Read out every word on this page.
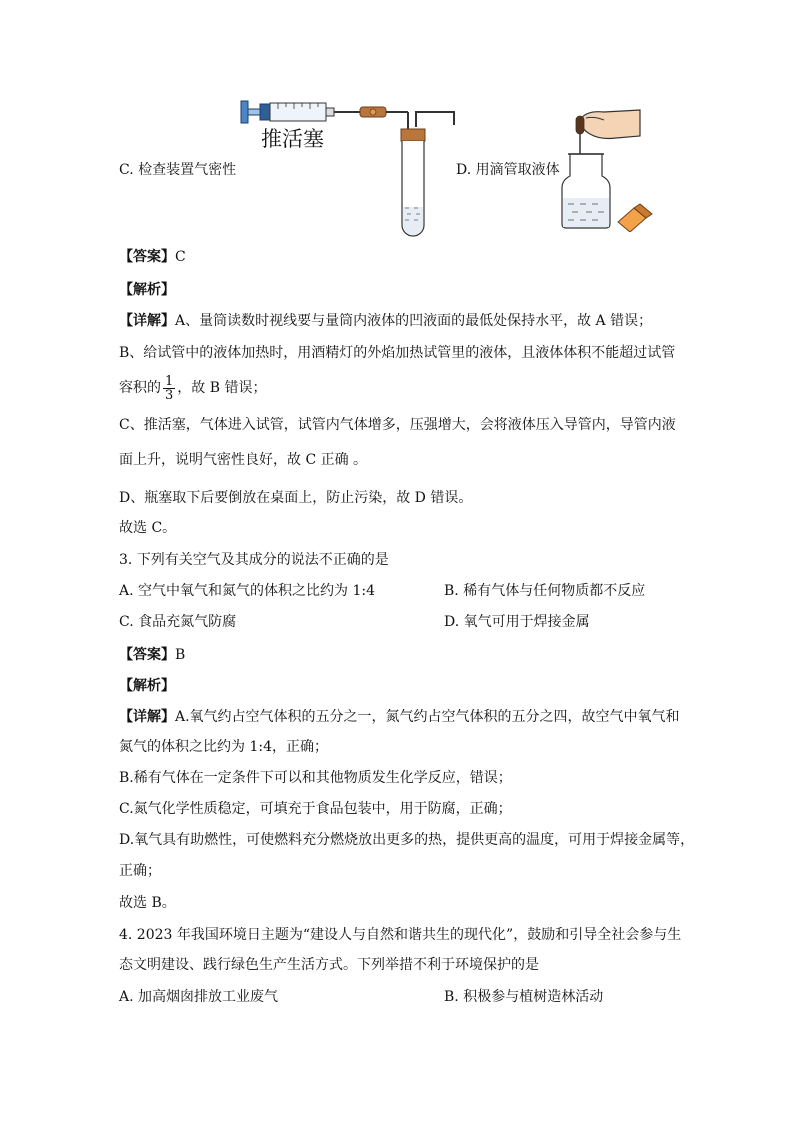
推活塞
C. 检查装置气密性	D. 用滴管取液体
【答案】C
【解析】
【详解】A、量筒读数时视线要与量筒内液体的凹液面的最低处保持水平，故 A 错误；
B、给试管中的液体加热时，用酒精灯的外焰加热试管里的液体，且液体体积不能超过试管
容积的 $\frac{1}{3}$ ，故 B 错误；
C、推活塞，气体进入试管，试管内气体增多，压强增大，会将液体压入导管内，导管内液
面上升，说明气密性良好，故 C 正确 。
D、瓶塞取下后要倒放在桌面上，防止污染，故 D 错误。
故选 C。
3. 下列有关空气及其成分的说法不正确的是
A. 空气中氧气和氮气的体积之比约为 1:4	B. 稀有气体与任何物质都不反应
C. 食品充氮气防腐	D. 氧气可用于焊接金属
【答案】B
【解析】
【详解】A.氧气约占空气体积的五分之一，氮气约占空气体积的五分之四，故空气中氧气和
氮气的体积之比约为 1:4，正确；
B.稀有气体在一定条件下可以和其他物质发生化学反应，错误；
C.氮气化学性质稳定，可填充于食品包装中，用于防腐，正确；
D.氧气具有助燃性，可使燃料充分燃烧放出更多的热，提供更高的温度，可用于焊接金属等，
正确；
故选 B。
4. 2023 年我国环境日主题为“建设人与自然和谐共生的现代化”，鼓励和引导全社会参与生
态文明建设、践行绿色生产生活方式。下列举措不利于环境保护的是
A. 加高烟囱排放工业废气	B. 积极参与植树造林活动
